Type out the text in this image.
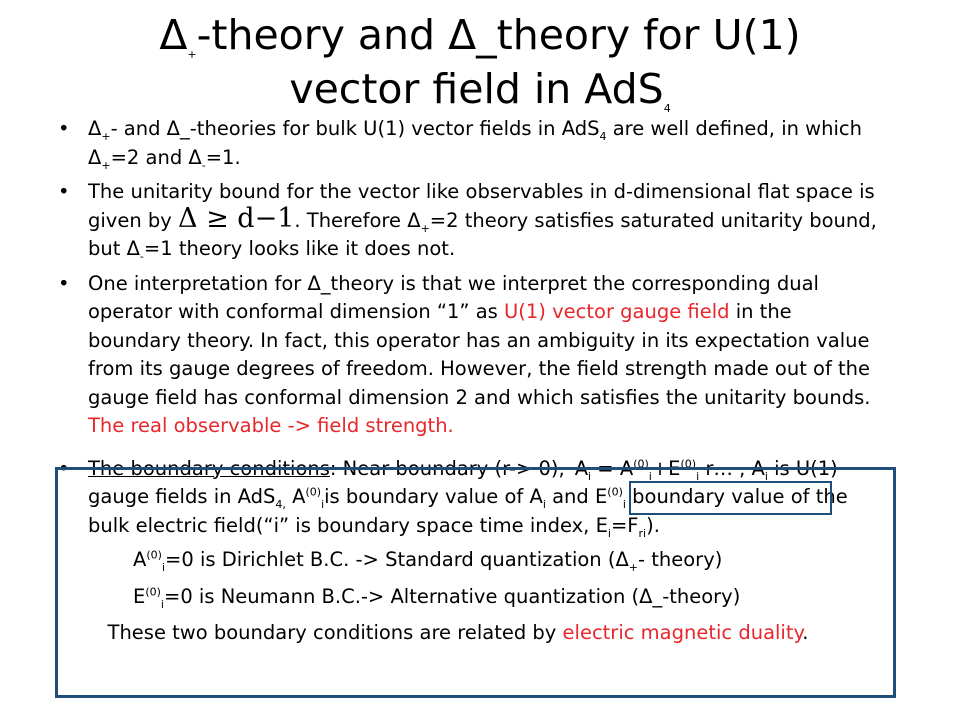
$\Delta_+$-theory and Δ_theory for U(1)
vector field in AdS$_4$

• $\Delta_+-$ and Δ_-theories for bulk U(1) vector fields in AdS$_4$ are well defined, in which $\Delta_+=2$ and $\Delta_-=1$.

• The unitarity bound for the vector like observables in d-dimensional flat space is given by Δ ≥ d−1. Therefore $\Delta_+=2$ theory satisfies saturated unitarity bound, but $\Delta_-=1$ theory looks like it does not.

• One interpretation for Δ_theory is that we interpret the corresponding dual operator with conformal dimension “1” as U(1) vector gauge field in the boundary theory. In fact, this operator has an ambiguity in its expectation value from its gauge degrees of freedom. However, the field strength made out of the gauge field has conformal dimension 2 and which satisfies the unitarity bounds. The real observable -> field strength.

• The boundary conditions: Near boundary (r-> 0), $A_i = A^{(0)}_i+E^{(0)}_i$ r… , $A_i$ is U(1) gauge fields in AdS$_{4,}$ $A^{(0)}_iis$ boundary value of $A_i$ and $E^{(0)}_i$ boundary value of the bulk electric field(“i” is boundary space time index, $E_i=F_{ri}$).

$A^{(0)}_i=0$ is Dirichlet B.C. -> Standard quantization ($\Delta_+-$ theory)

$E^{(0)}_i=0$ is Neumann B.C.-> Alternative quantization (Δ_-theory)

These two boundary conditions are related by electric magnetic duality.
